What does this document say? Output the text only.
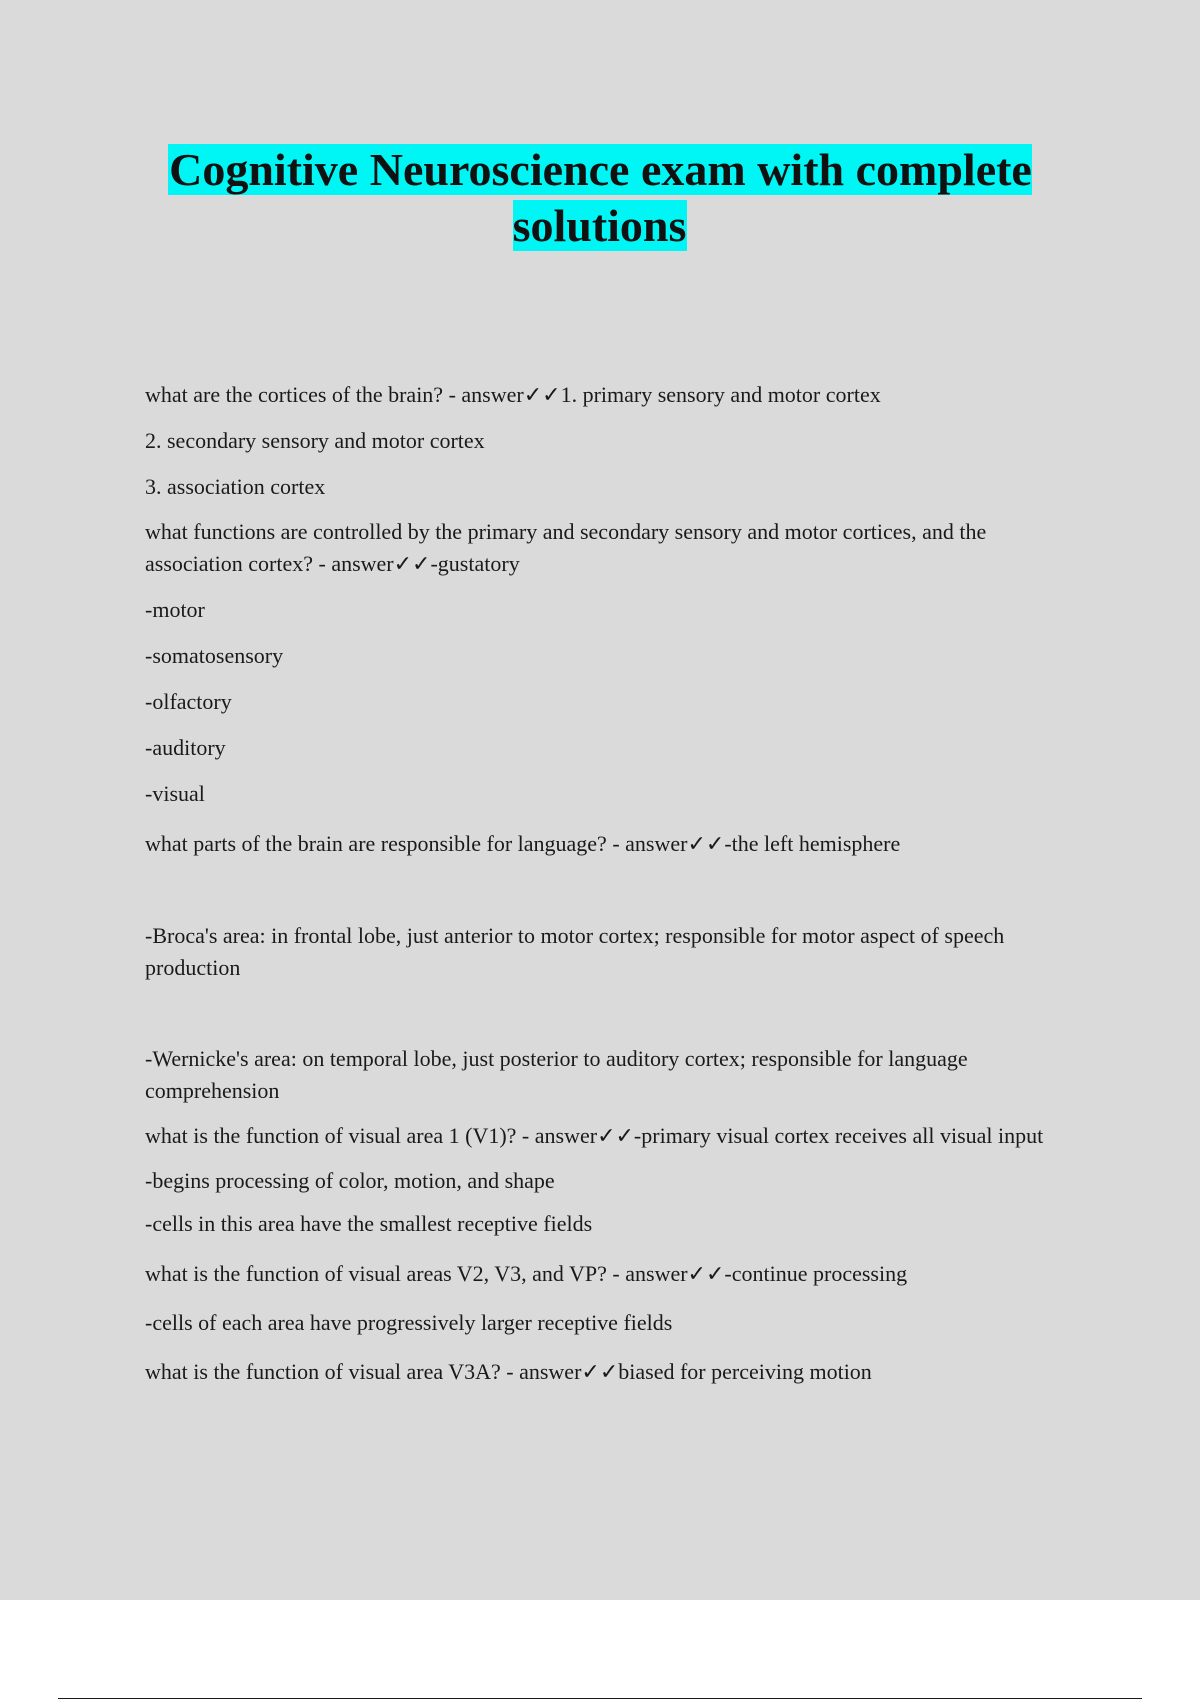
Cognitive Neuroscience exam with complete solutions

what are the cortices of the brain? - answer✓✓1. primary sensory and motor cortex

2. secondary sensory and motor cortex

3. association cortex

what functions are controlled by the primary and secondary sensory and motor cortices, and the association cortex? - answer✓✓-gustatory

-motor

-somatosensory

-olfactory

-auditory

-visual

what parts of the brain are responsible for language? - answer✓✓-the left hemisphere

-Broca's area: in frontal lobe, just anterior to motor cortex; responsible for motor aspect of speech production

-Wernicke's area: on temporal lobe, just posterior to auditory cortex; responsible for language comprehension

what is the function of visual area 1 (V1)? - answer✓✓-primary visual cortex receives all visual input

-begins processing of color, motion, and shape

-cells in this area have the smallest receptive fields

what is the function of visual areas V2, V3, and VP? - answer✓✓-continue processing

-cells of each area have progressively larger receptive fields

what is the function of visual area V3A? - answer✓✓biased for perceiving motion
